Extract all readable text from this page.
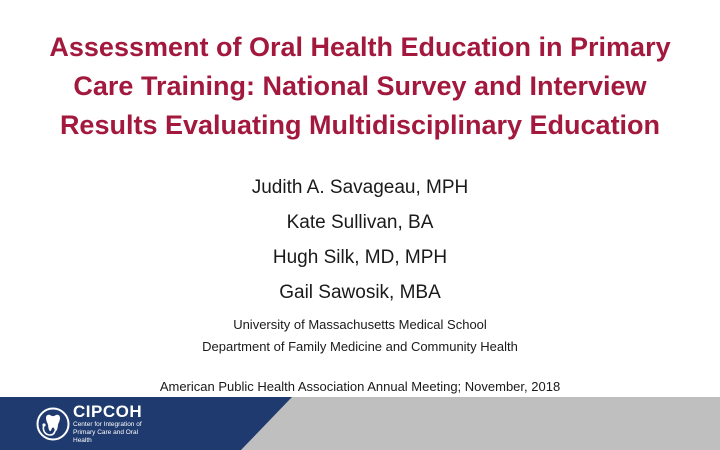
Assessment of Oral Health Education in Primary
Care Training: National Survey and Interview
Results Evaluating Multidisciplinary Education
Judith A. Savageau, MPH
Kate Sullivan, BA
Hugh Silk, MD, MPH
Gail Sawosik, MBA
University of Massachusetts Medical School
Department of Family Medicine and Community Health
American Public Health Association Annual Meeting; November, 2018
CIPCOH
Center for Integration of Primary Care and Oral Health
